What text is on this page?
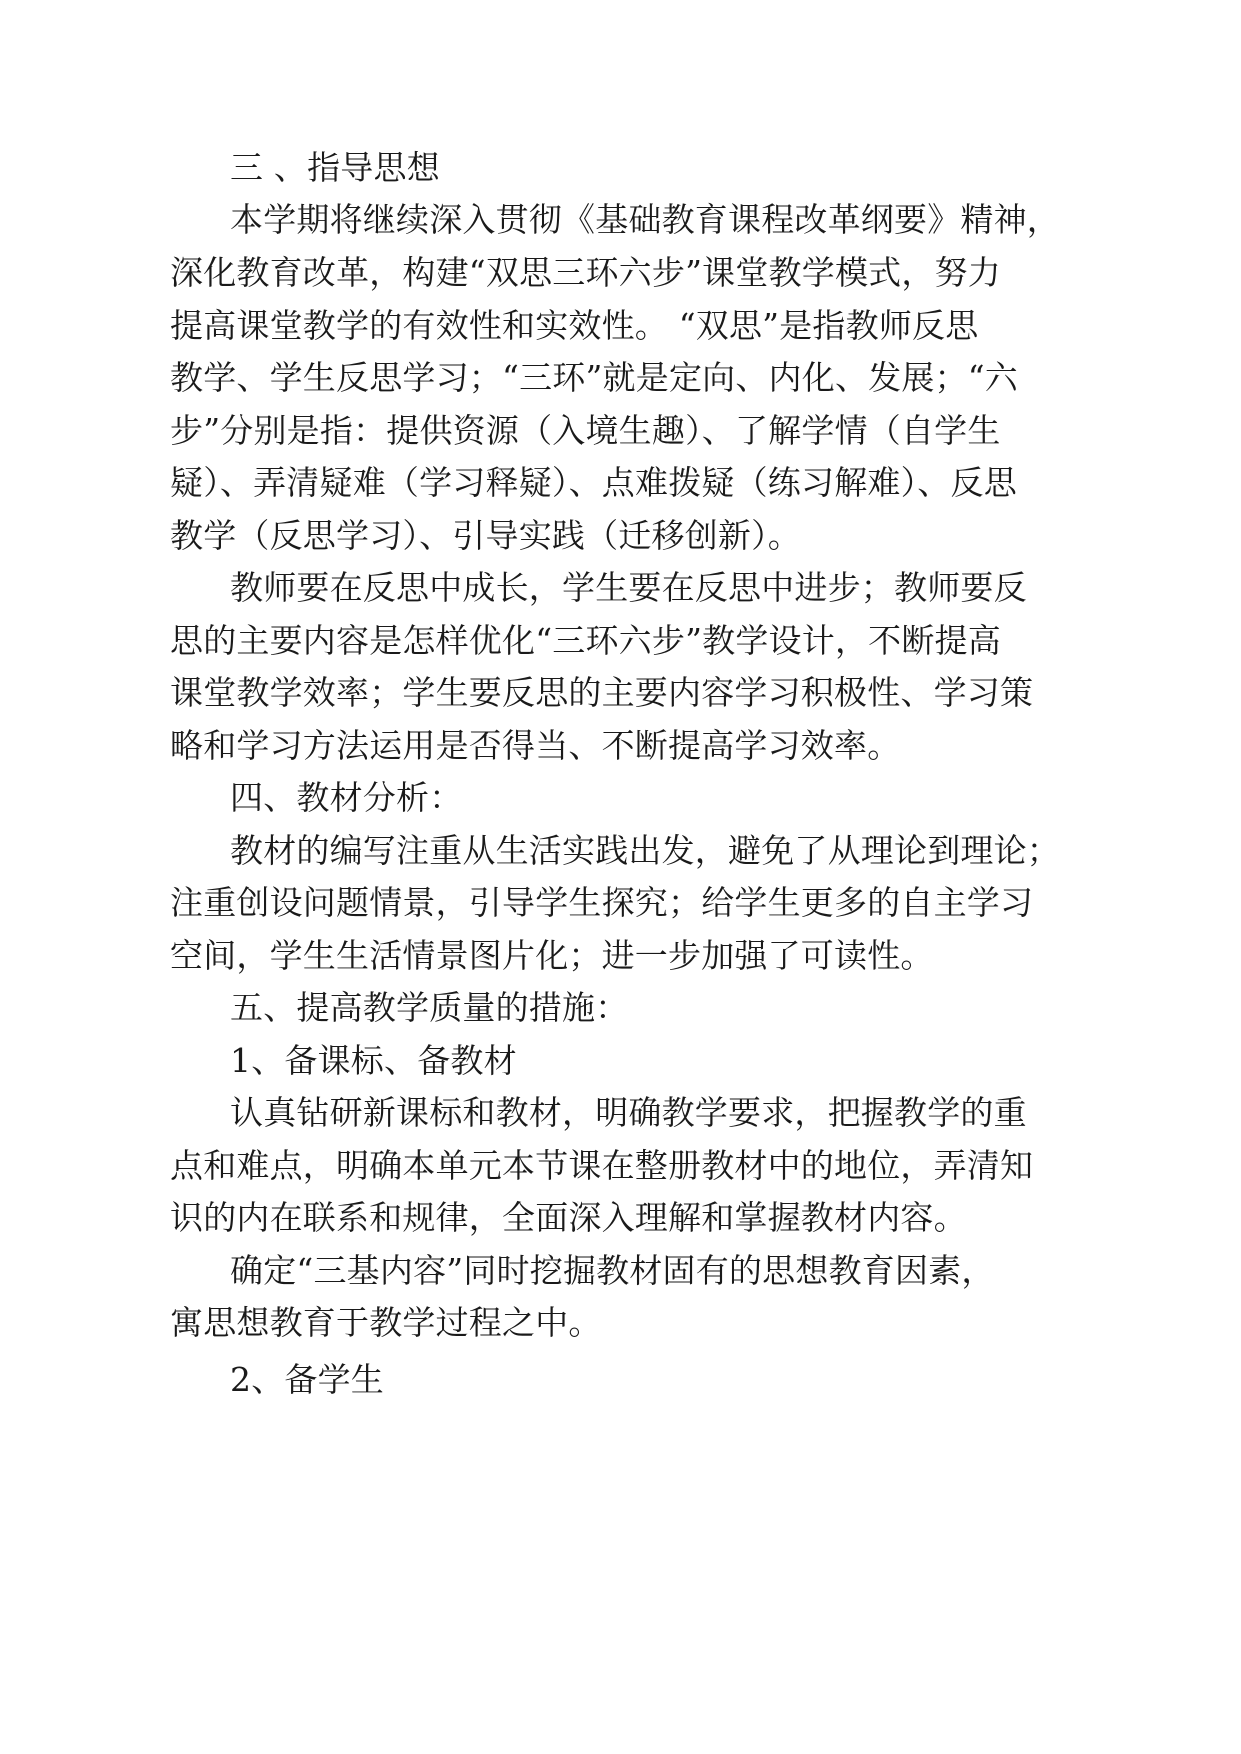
三 、指导思想
本学期将继续深入贯彻《基础教育课程改革纲要》精神，
深化教育改革，构建“双思三环六步”课堂教学模式，努力
提高课堂教学的有效性和实效性。 “双思”是指教师反思
教学、学生反思学习；“三环”就是定向、内化、发展；“六
步”分别是指：提供资源（入境生趣）、了解学情（自学生
疑）、弄清疑难（学习释疑）、点难拨疑（练习解难）、反思
教学（反思学习）、引导实践（迁移创新）。
教师要在反思中成长，学生要在反思中进步；教师要反
思的主要内容是怎样优化“三环六步”教学设计，不断提高
课堂教学效率；学生要反思的主要内容学习积极性、学习策
略和学习方法运用是否得当、不断提高学习效率。
四、教材分析：
教材的编写注重从生活实践出发，避免了从理论到理论；
注重创设问题情景，引导学生探究；给学生更多的自主学习
空间，学生生活情景图片化；进一步加强了可读性。
五、提高教学质量的措施：
1、备课标、备教材
认真钻研新课标和教材，明确教学要求，把握教学的重
点和难点，明确本单元本节课在整册教材中的地位，弄清知
识的内在联系和规律，全面深入理解和掌握教材内容。
确定“三基内容”同时挖掘教材固有的思想教育因素，
寓思想教育于教学过程之中。
2、备学生
